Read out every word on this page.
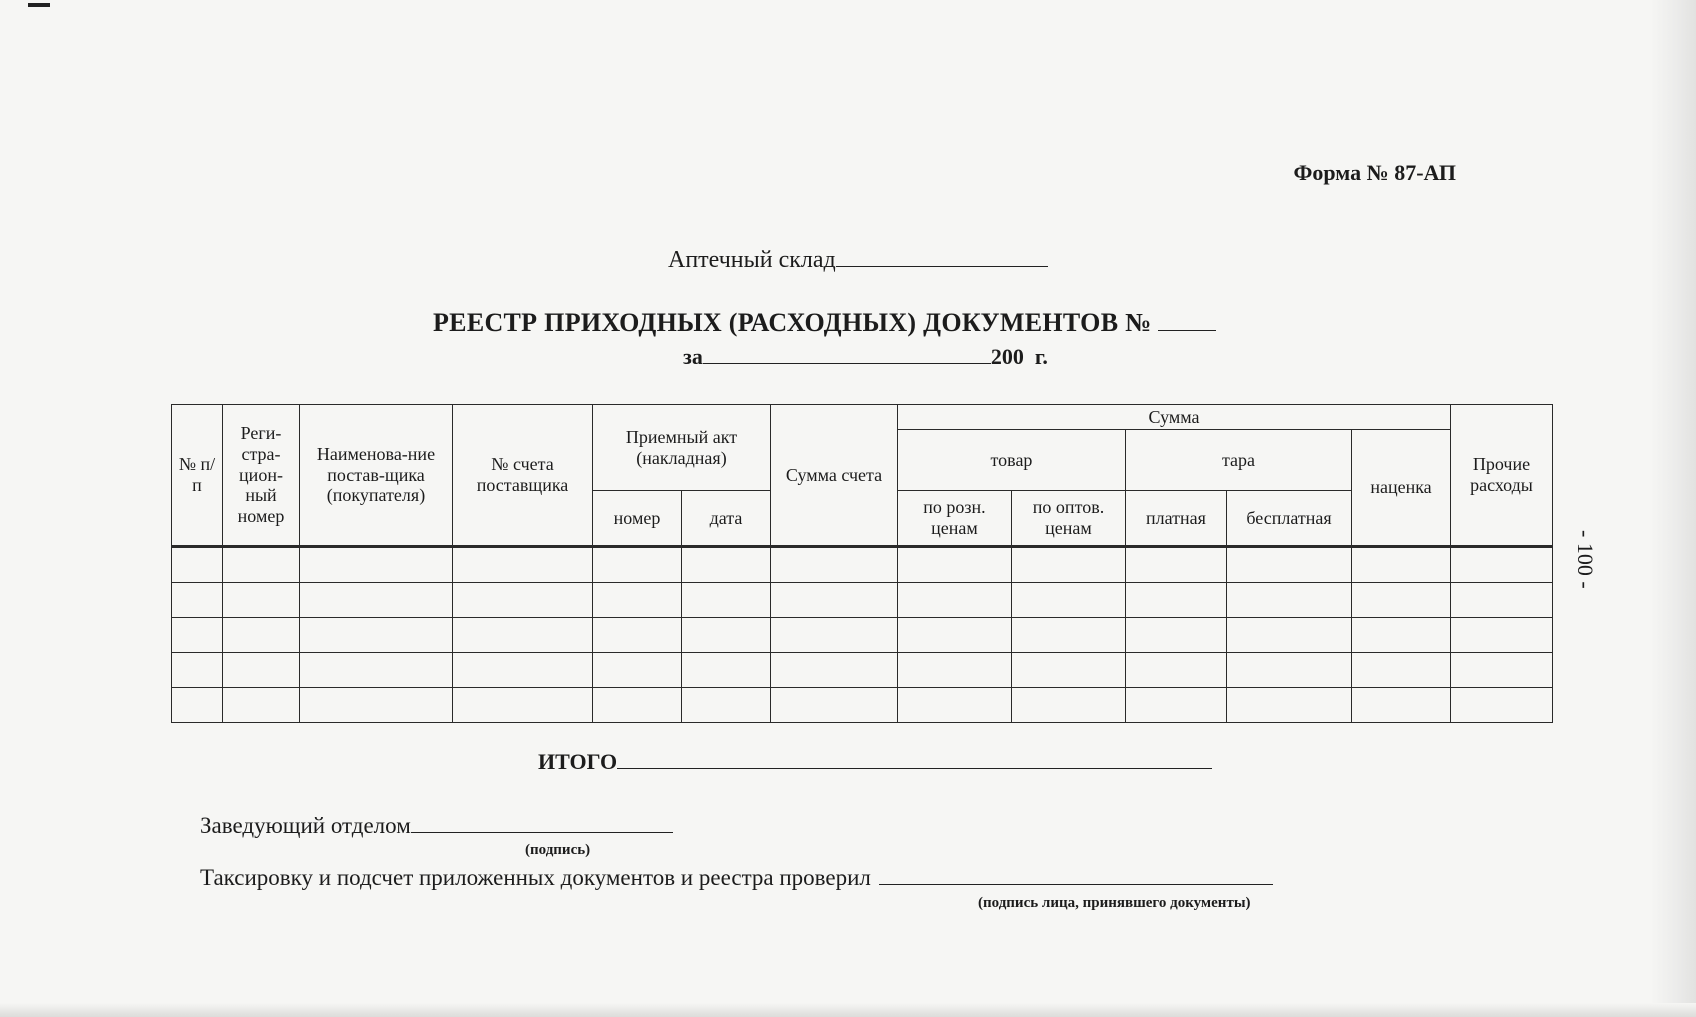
Форма № 87-АП
Аптечный склад
РЕЕСТР ПРИХОДНЫХ (РАСХОДНЫХ) ДОКУМЕНТОВ №
за	200 г.
- 100 -
№ п/п	Реги-стра-цион-ный номер	Наименова-ние постав-щика (покупателя)	№ счета поставщика	Приемный акт (накладная)		Сумма счета	Сумма					Прочие расходы
							товар		тара		наценка	
				номер	дата		по розн. ценам	по оптов. ценам	платная	бесплатная		

ИТОГО
Заведующий отделом
(подпись)
Таксировку и подсчет приложенных документов и реестра проверил
(подпись лица, принявшего документы)
